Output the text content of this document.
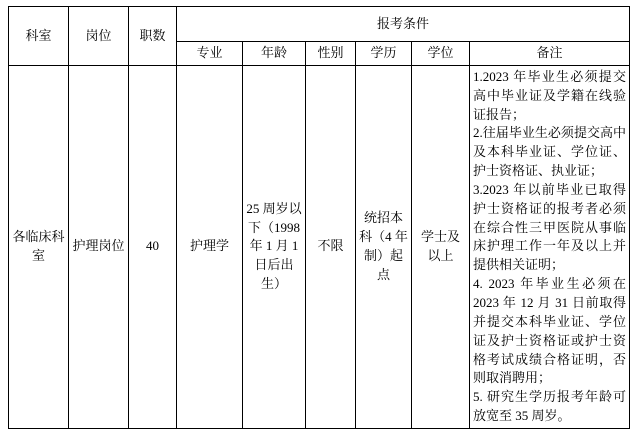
科室	岗位	职数	报考条件					
			专业	年龄	性别	学历	学位	备注
各临床科室	护理岗位	40	护理学	25 周岁以下（1998 年 1 月 1 日后出生）	不限	统招本科（4 年制）起点	学士及以上	1.2023 年毕业生必须提交高中毕业证及学籍在线验证报告；

2.往届毕业生必须提交高中及本科毕业证、学位证、护士资格证、执业证；

3.2023 年以前毕业已取得护士资格证的报考者必须在综合性三甲医院从事临床护理工作一年及以上并提供相关证明；

4. 2023 年毕业生必须在 2023 年 12 月 31 日前取得并提交本科毕业证、学位证及护士资格证或护士资格考试成绩合格证明，否则取消聘用；

5. 研究生学历报考年龄可放宽至 35 周岁。
